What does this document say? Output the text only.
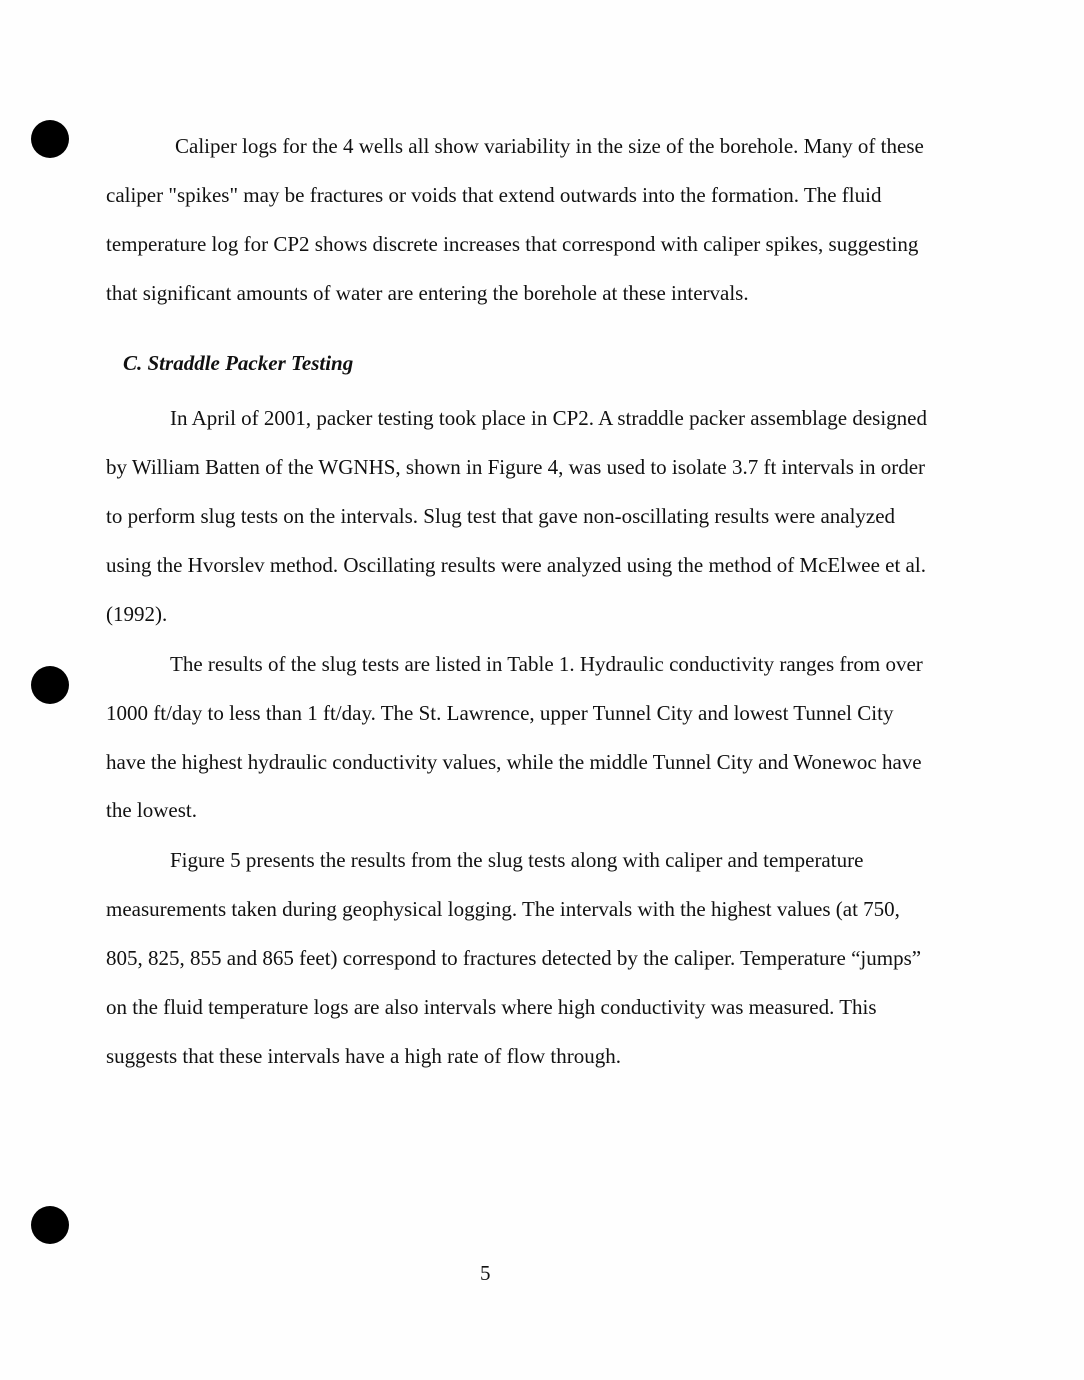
Caliper logs for the 4 wells all show variability in the size of the borehole. Many of these
caliper "spikes" may be fractures or voids that extend outwards into the formation. The fluid
temperature log for CP2 shows discrete increases that correspond with caliper spikes, suggesting
that significant amounts of water are entering the borehole at these intervals.
C. Straddle Packer Testing
In April of 2001, packer testing took place in CP2. A straddle packer assemblage designed
by William Batten of the WGNHS, shown in Figure 4, was used to isolate 3.7 ft intervals in order
to perform slug tests on the intervals. Slug test that gave non-oscillating results were analyzed
using the Hvorslev method. Oscillating results were analyzed using the method of McElwee et al.
(1992).
The results of the slug tests are listed in Table 1. Hydraulic conductivity ranges from over
1000 ft/day to less than 1 ft/day. The St. Lawrence, upper Tunnel City and lowest Tunnel City
have the highest hydraulic conductivity values, while the middle Tunnel City and Wonewoc have
the lowest.
Figure 5 presents the results from the slug tests along with caliper and temperature
measurements taken during geophysical logging. The intervals with the highest values (at 750,
805, 825, 855 and 865 feet) correspond to fractures detected by the caliper. Temperature “jumps”
on the fluid temperature logs are also intervals where high conductivity was measured. This
suggests that these intervals have a high rate of flow through.
5
